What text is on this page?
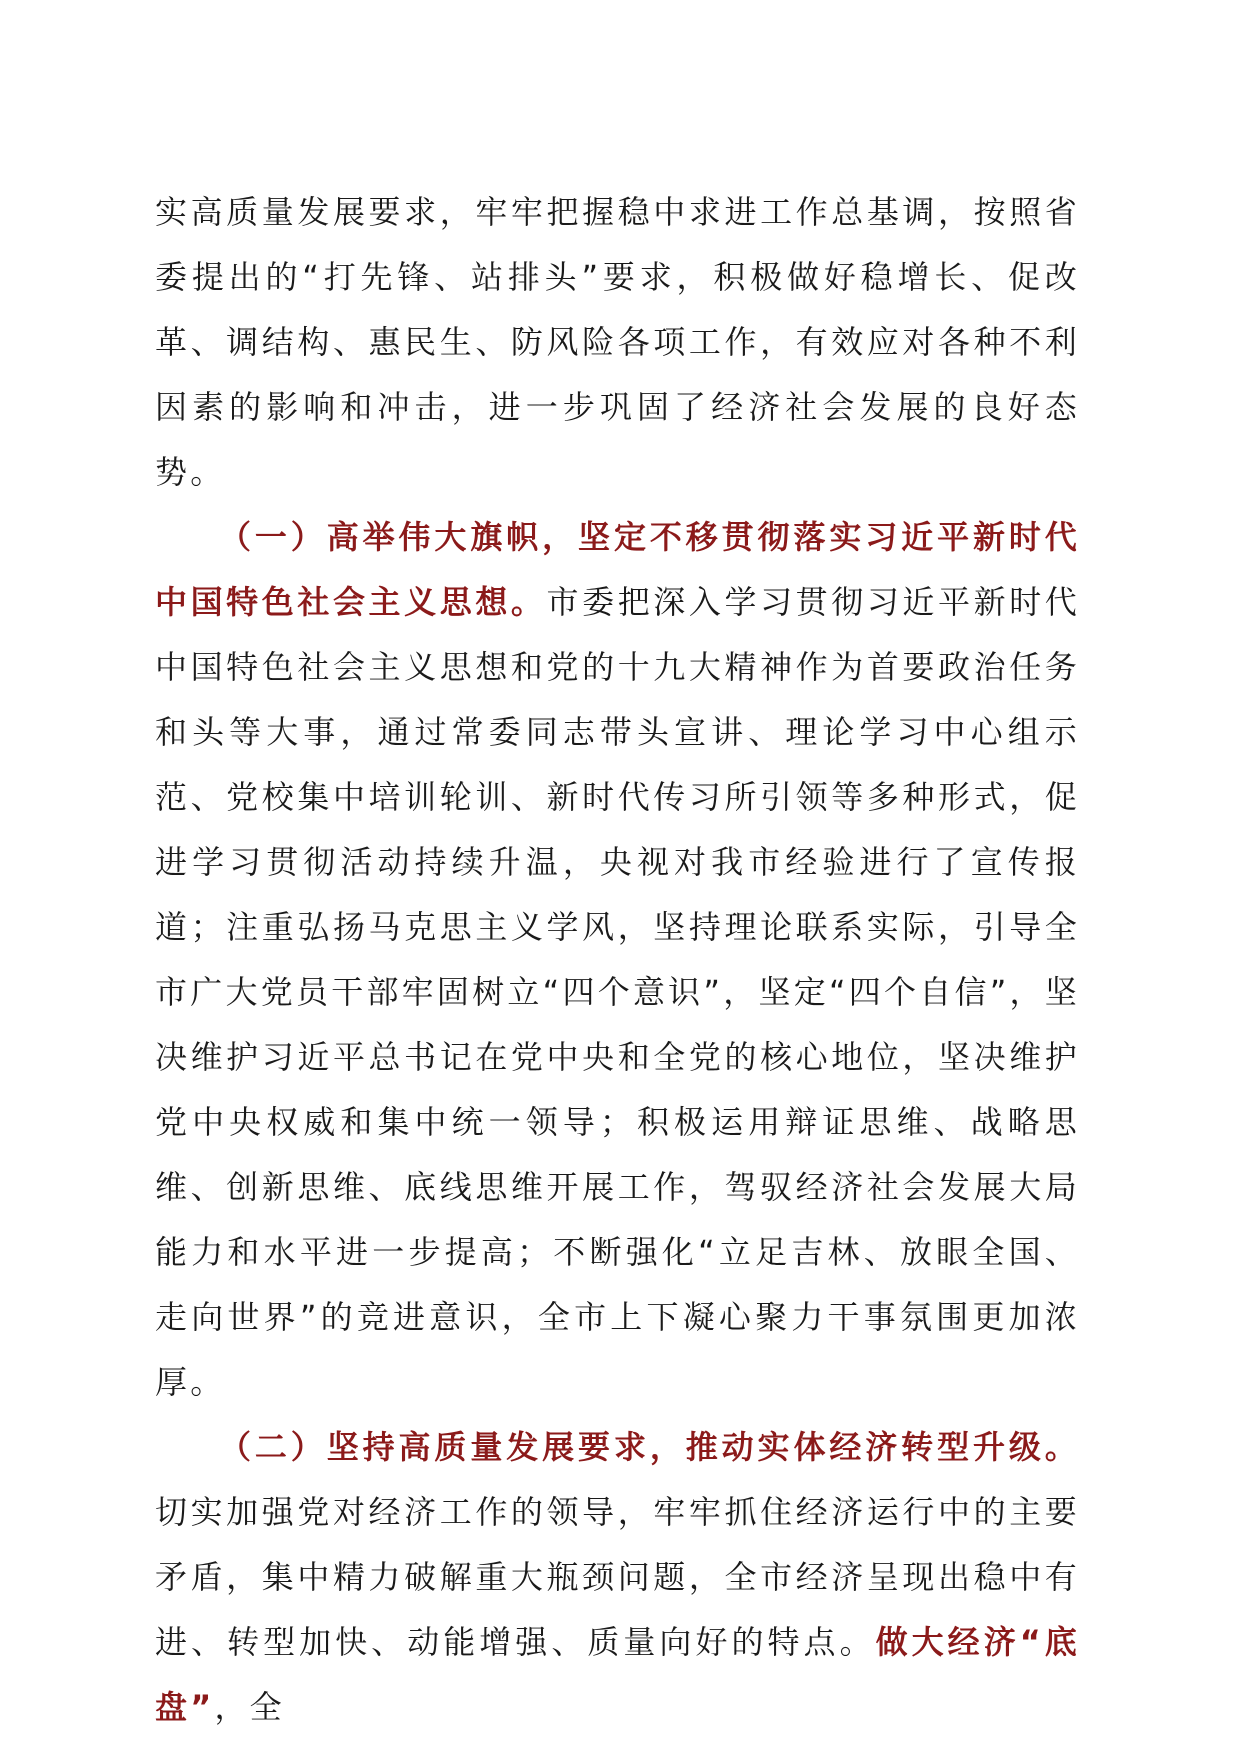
实高质量发展要求，牢牢把握稳中求进工作总基调，按照省委提出的“打先锋、站排头”要求，积极做好稳增长、促改革、调结构、惠民生、防风险各项工作，有效应对各种不利因素的影响和冲击，进一步巩固了经济社会发展的良好态势。

（一）高举伟大旗帜，坚定不移贯彻落实习近平新时代中国特色社会主义思想。市委把深入学习贯彻习近平新时代中国特色社会主义思想和党的十九大精神作为首要政治任务和头等大事，通过常委同志带头宣讲、理论学习中心组示范、党校集中培训轮训、新时代传习所引领等多种形式，促进学习贯彻活动持续升温，央视对我市经验进行了宣传报道；注重弘扬马克思主义学风，坚持理论联系实际，引导全市广大党员干部牢固树立“四个意识”，坚定“四个自信”，坚决维护习近平总书记在党中央和全党的核心地位，坚决维护党中央权威和集中统一领导；积极运用辩证思维、战略思维、创新思维、底线思维开展工作，驾驭经济社会发展大局能力和水平进一步提高；不断强化“立足吉林、放眼全国、走向世界”的竞进意识，全市上下凝心聚力干事氛围更加浓厚。

（二）坚持高质量发展要求，推动实体经济转型升级。切实加强党对经济工作的领导，牢牢抓住经济运行中的主要矛盾，集中精力破解重大瓶颈问题，全市经济呈现出稳中有进、转型加快、动能增强、质量向好的特点。做大经济“底盘”，全
